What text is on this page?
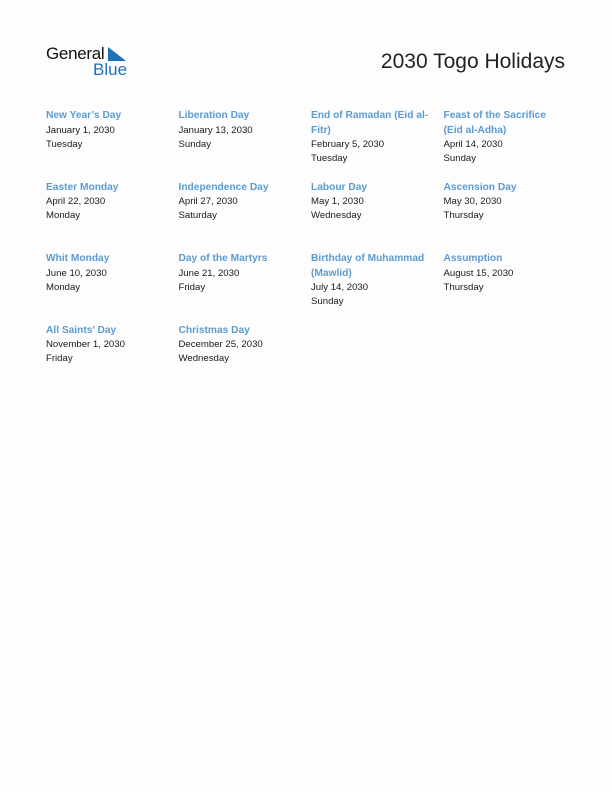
General
Blue	2030 Togo Holidays
New Year’s Day
January 1, 2030
Tuesday
Liberation Day
January 13, 2030
Sunday
End of Ramadan (Eid al-Fitr)
February 5, 2030
Tuesday
Feast of the Sacrifice (Eid al-Adha)
April 14, 2030
Sunday
Easter Monday
April 22, 2030
Monday
Independence Day
April 27, 2030
Saturday
Labour Day
May 1, 2030
Wednesday
Ascension Day
May 30, 2030
Thursday
Whit Monday
June 10, 2030
Monday
Day of the Martyrs
June 21, 2030
Friday
Birthday of Muhammad (Mawlid)
July 14, 2030
Sunday
Assumption
August 15, 2030
Thursday
All Saints’ Day
November 1, 2030
Friday
Christmas Day
December 25, 2030
Wednesday
